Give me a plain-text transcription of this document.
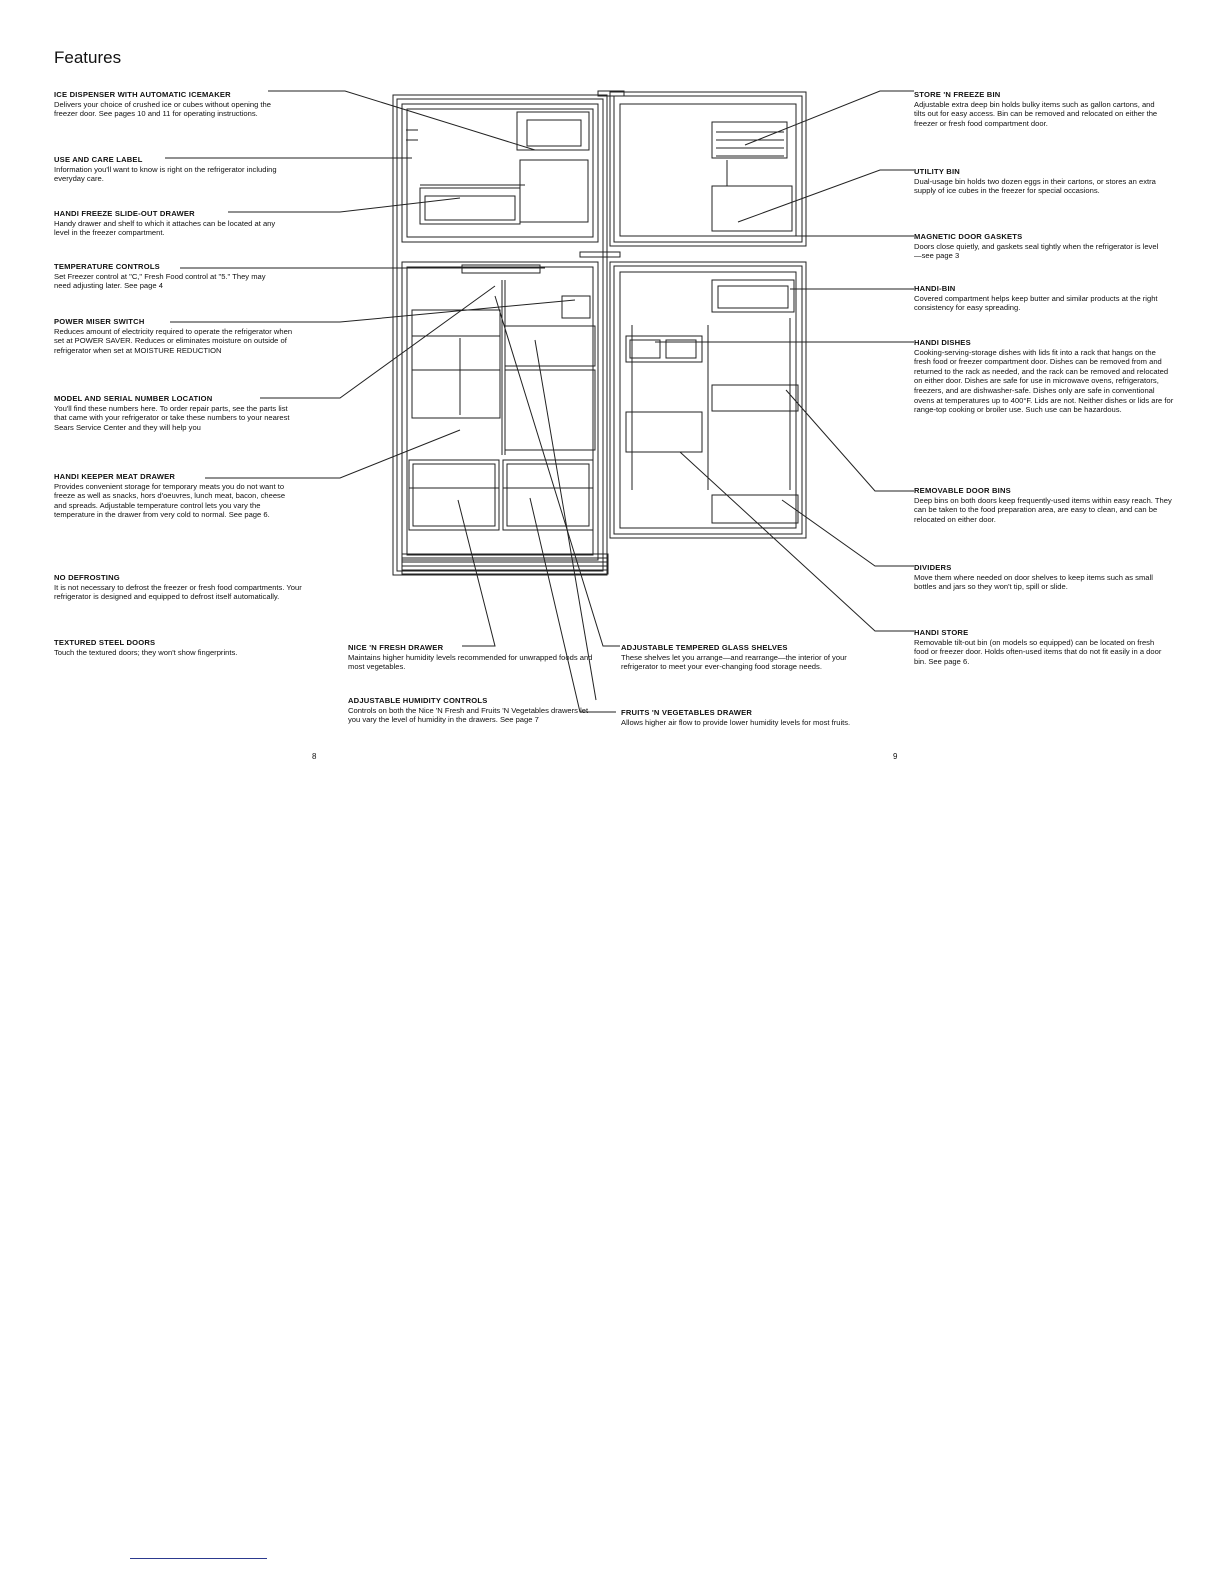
Features
ICE DISPENSER WITH AUTOMATIC ICEMAKER
Delivers your choice of crushed ice or cubes without opening the freezer door. See pages 10 and 11 for operating instructions.
USE AND CARE LABEL
Information you'll want to know is right on the refrigerator including everyday care.
HANDI FREEZE SLIDE-OUT DRAWER
Handy drawer and shelf to which it attaches can be located at any level in the freezer compartment.
TEMPERATURE CONTROLS
Set Freezer control at "C," Fresh Food control at "5." They may need adjusting later. See page 4
POWER MISER SWITCH
Reduces amount of electricity required to operate the refrigerator when set at POWER SAVER. Reduces or eliminates moisture on outside of refrigerator when set at MOISTURE REDUCTION
MODEL AND SERIAL NUMBER LOCATION
You'll find these numbers here. To order repair parts, see the parts list that came with your refrigerator or take these numbers to your nearest Sears Service Center and they will help you
HANDI KEEPER MEAT DRAWER
Provides convenient storage for temporary meats you do not want to freeze as well as snacks, hors d'oeuvres, lunch meat, bacon, cheese and spreads. Adjustable temperature control lets you vary the temperature in the drawer from very cold to normal. See page 6.
NO DEFROSTING
It is not necessary to defrost the freezer or fresh food compartments. Your refrigerator is designed and equipped to defrost itself automatically.
TEXTURED STEEL DOORS
Touch the textured doors; they won't show fingerprints.
NICE 'N FRESH DRAWER
Maintains higher humidity levels recommended for unwrapped foods and most vegetables.
ADJUSTABLE HUMIDITY CONTROLS
Controls on both the Nice 'N Fresh and Fruits 'N Vegetables drawers let you vary the level of humidity in the drawers. See page 7
ADJUSTABLE TEMPERED GLASS SHELVES
These shelves let you arrange—and rearrange—the interior of your refrigerator to meet your ever-changing food storage needs.
FRUITS 'N VEGETABLES DRAWER
Allows higher air flow to provide lower humidity levels for most fruits.
STORE 'N FREEZE BIN
Adjustable extra deep bin holds bulky items such as gallon cartons, and tilts out for easy access. Bin can be removed and relocated on either the freezer or fresh food compartment door.
UTILITY BIN
Dual-usage bin holds two dozen eggs in their cartons, or stores an extra supply of ice cubes in the freezer for special occasions.
MAGNETIC DOOR GASKETS
Doors close quietly, and gaskets seal tightly when the refrigerator is level—see page 3
HANDI-BIN
Covered compartment helps keep butter and similar products at the right consistency for easy spreading.
HANDI DISHES
Cooking-serving-storage dishes with lids fit into a rack that hangs on the fresh food or freezer compartment door. Dishes can be removed from and returned to the rack as needed, and the rack can be removed and relocated on either door. Dishes are safe for use in microwave ovens, refrigerators, freezers, and are dishwasher-safe. Dishes only are safe in conventional ovens at temperatures up to 400°F. Lids are not. Neither dishes or lids are for range-top cooking or broiler use. Such use can be hazardous.
REMOVABLE DOOR BINS
Deep bins on both doors keep frequently-used items within easy reach. They can be taken to the food preparation area, are easy to clean, and can be relocated on either door.
DIVIDERS
Move them where needed on door shelves to keep items such as small bottles and jars so they won't tip, spill or slide.
HANDI STORE
Removable tilt-out bin (on models so equipped) can be located on fresh food or freezer door. Holds often-used items that do not fit easily in a door bin. See page 6.
8	9
